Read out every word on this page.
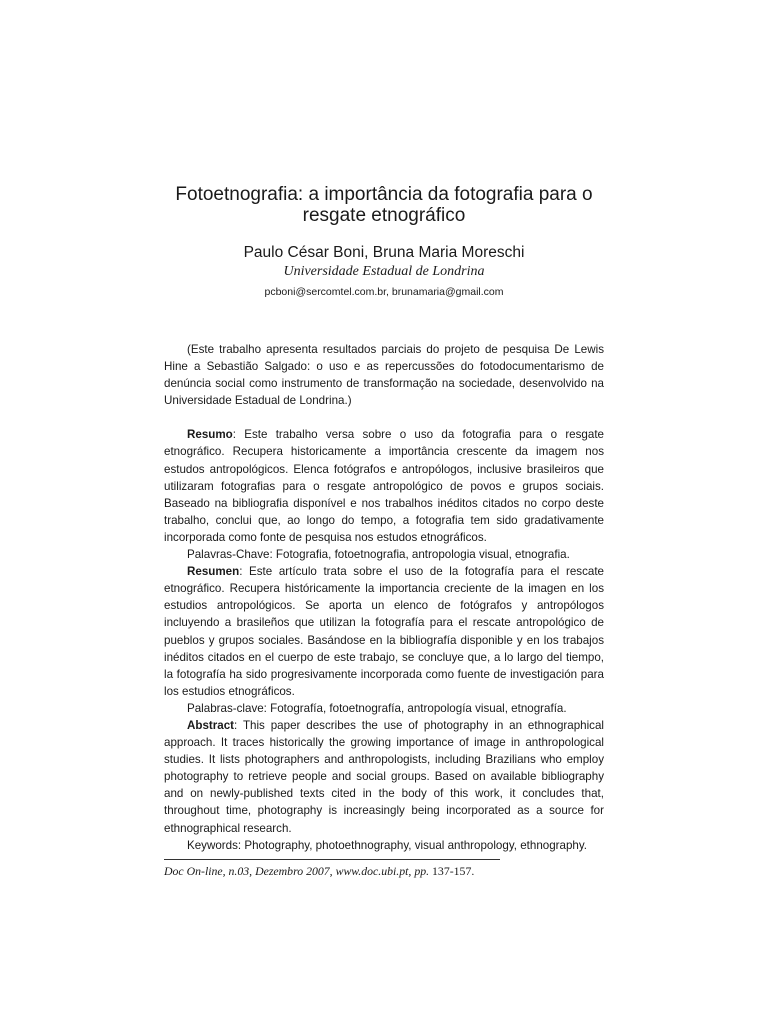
Fotoetnografia: a importância da fotografia para o resgate etnográfico

Paulo César Boni, Bruna Maria Moreschi

Universidade Estadual de Londrina

pcboni@sercomtel.com.br, brunamaria@gmail.com

(Este trabalho apresenta resultados parciais do projeto de pesquisa De Lewis Hine a Sebastião Salgado: o uso e as repercussões do fotodocumentarismo de denúncia social como instrumento de transformação na sociedade, desenvolvido na Universidade Estadual de Londrina.)

Resumo: Este trabalho versa sobre o uso da fotografia para o resgate etnográfico. Recupera historicamente a importância crescente da imagem nos estudos antropológicos. Elenca fotógrafos e antropólogos, inclusive brasileiros que utilizaram fotografias para o resgate antropológico de povos e grupos sociais. Baseado na bibliografia disponível e nos trabalhos inéditos citados no corpo deste trabalho, conclui que, ao longo do tempo, a fotografia tem sido gradativamente incorporada como fonte de pesquisa nos estudos etnográficos.

Palavras-Chave: Fotografia, fotoetnografia, antropologia visual, etnografia.

Resumen: Este artículo trata sobre el uso de la fotografía para el rescate etnográfico. Recupera históricamente la importancia creciente de la imagen en los estudios antropológicos. Se aporta un elenco de fotógrafos y antropólogos incluyendo a brasileños que utilizan la fotografía para el rescate antropológico de pueblos y grupos sociales. Basándose en la bibliografía disponible y en los trabajos inéditos citados en el cuerpo de este trabajo, se concluye que, a lo largo del tiempo, la fotografía ha sido progresivamente incorporada como fuente de investigación para los estudios etnográficos.

Palabras-clave: Fotografía, fotoetnografía, antropología visual, etnografía.

Abstract: This paper describes the use of photography in an ethnographical approach. It traces historically the growing importance of image in anthropological studies. It lists photographers and anthropologists, including Brazilians who employ photography to retrieve people and social groups. Based on available bibliography and on newly-published texts cited in the body of this work, it concludes that, throughout time, photography is increasingly being incorporated as a source for ethnographical research.

Keywords: Photography, photoethnography, visual anthropology, ethnography.

Doc On-line, n.03, Dezembro 2007, www.doc.ubi.pt, pp. 137-157.
